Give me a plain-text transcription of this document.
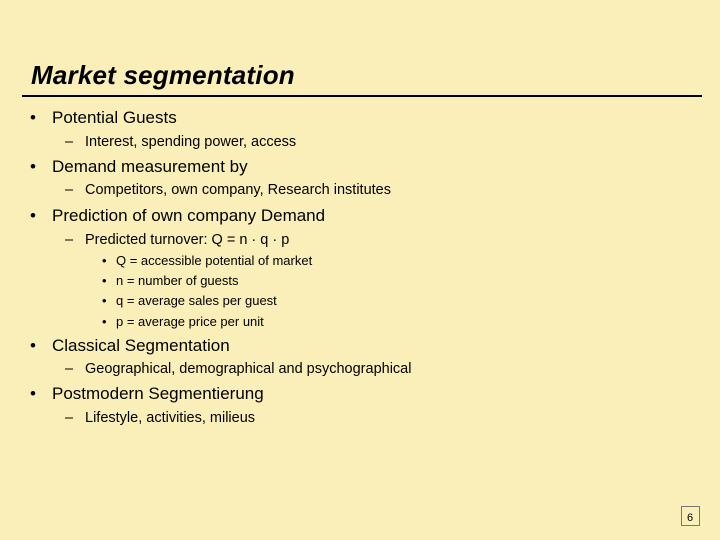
Market segmentation
• Potential Guests
– Interest, spending power, access
• Demand measurement by
– Competitors, own company, Research institutes
• Prediction of own company Demand
– Predicted turnover: Q = n · q · p
• Q = accessible potential of market
• n = number of guests
• q = average sales per guest
• p = average price per unit
• Classical Segmentation
– Geographical, demographical and psychographical
• Postmodern Segmentierung
– Lifestyle, activities, milieus
6
